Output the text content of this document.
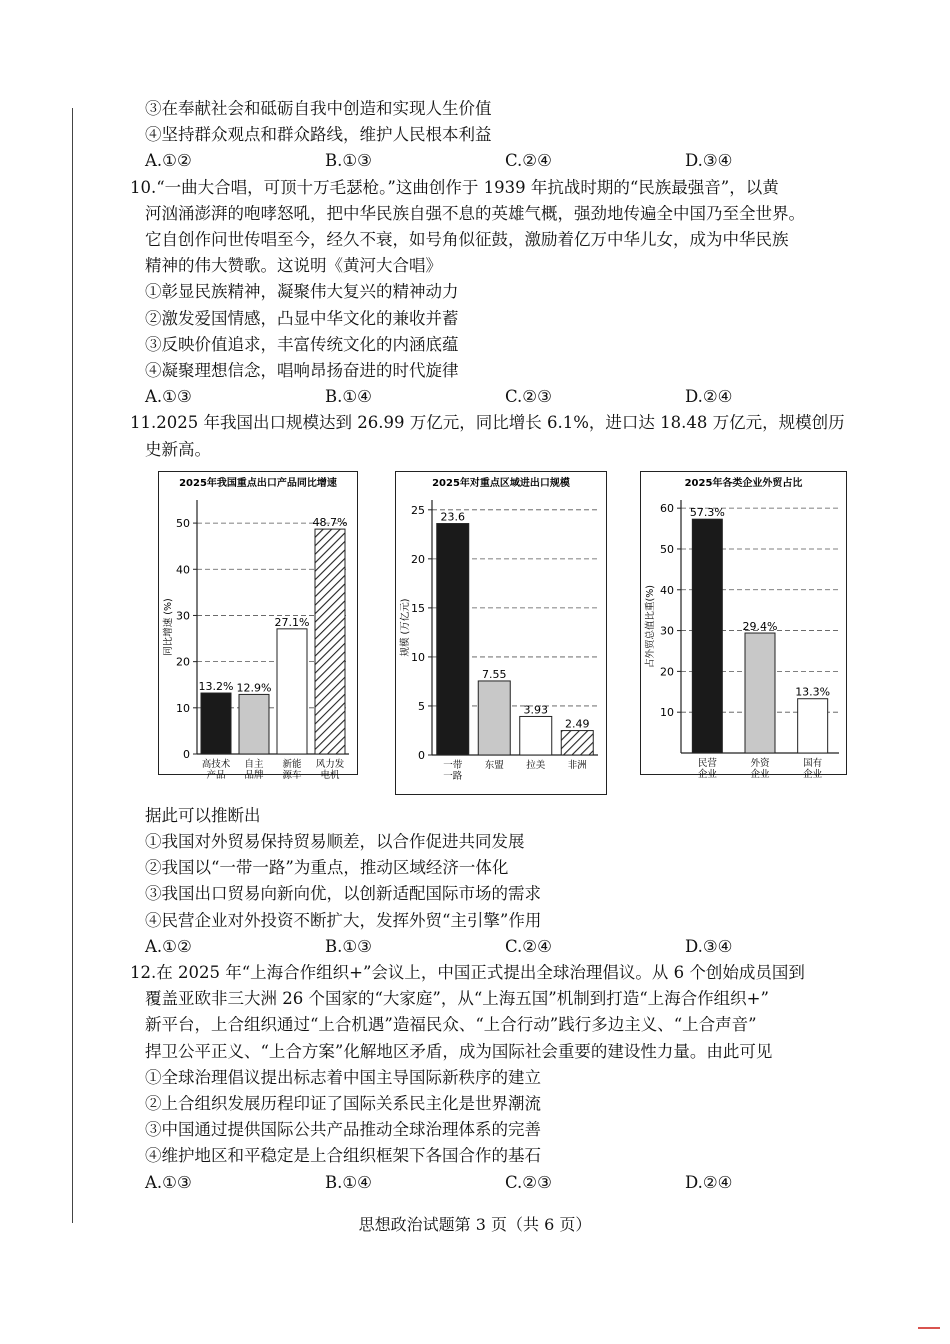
③在奉献社会和砥砺自我中创造和实现人生价值
④坚持群众观点和群众路线，维护人民根本利益
A.①②	B.①③	C.②④	D.③④
10.“一曲大合唱，可顶十万毛瑟枪。”这曲创作于 1939 年抗战时期的“民族最强音”，以黄
河汹涌澎湃的咆哮怒吼，把中华民族自强不息的英雄气概，强劲地传遍全中国乃至全世界。
它自创作问世传唱至今，经久不衰，如号角似征鼓，激励着亿万中华儿女，成为中华民族
精神的伟大赞歌。这说明《黄河大合唱》
①彰显民族精神，凝聚伟大复兴的精神动力
②激发爱国情感，凸显中华文化的兼收并蓄
③反映价值追求，丰富传统文化的内涵底蕴
④凝聚理想信念，唱响昂扬奋进的时代旋律
A.①③	B.①④	C.②③	D.②④
11.2025 年我国出口规模达到 26.99 万亿元，同比增长 6.1%，进口达 18.48 万亿元，规模创历
史新高。
2025年我国重点出口产品同比增速
0
10
20
30
40
50
同比增速 (%)
13.2%
高技术
产品
12.9%
自主
品牌
27.1%
新能
源车
48.7%
风力发
电机
2025年对重点区域进出口规模
0
5
10
15
20
25
规模 (万亿元)
23.6
一带
一路
7.55
东盟
3.93
拉美
2.49
非洲
2025年各类企业外贸占比
10
20
30
40
50
60
占外贸总值比重(%)
57.3%
民营
企业
29.4%
外资
企业
13.3%
国有
企业
据此可以推断出
①我国对外贸易保持贸易顺差，以合作促进共同发展
②我国以“一带一路”为重点，推动区域经济一体化
③我国出口贸易向新向优，以创新适配国际市场的需求
④民营企业对外投资不断扩大，发挥外贸“主引擎”作用
A.①②	B.①③	C.②④	D.③④
12.在 2025 年“上海合作组织+”会议上，中国正式提出全球治理倡议。从 6 个创始成员国到
覆盖亚欧非三大洲 26 个国家的“大家庭”，从“上海五国”机制到打造“上海合作组织+”
新平台，上合组织通过“上合机遇”造福民众、“上合行动”践行多边主义、“上合声音”
捍卫公平正义、“上合方案”化解地区矛盾，成为国际社会重要的建设性力量。由此可见
①全球治理倡议提出标志着中国主导国际新秩序的建立
②上合组织发展历程印证了国际关系民主化是世界潮流
③中国通过提供国际公共产品推动全球治理体系的完善
④维护地区和平稳定是上合组织框架下各国合作的基石
A.①③	B.①④	C.②③	D.②④
思想政治试题第 3 页（共 6 页）
